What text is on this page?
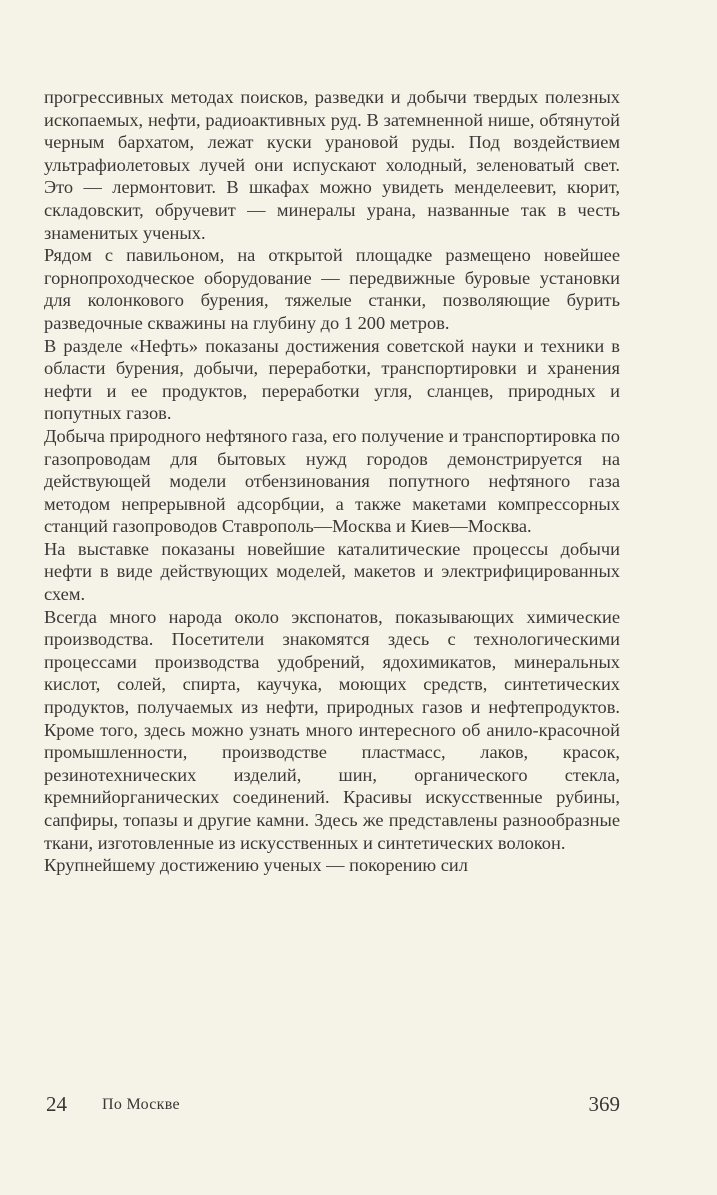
прогрессивных методах поисков, разведки и добычи твердых полезных ископаемых, нефти, радиоактивных руд. В затемненной нише, обтянутой черным бархатом, лежат куски урановой руды. Под воздействием ультрафиолетовых лучей они испускают холодный, зеленоватый свет. Это — лермонтовит. В шкафах можно увидеть менделеевит, кюрит, складовскит, обручевит — минералы урана, названные так в честь знаменитых ученых.

Рядом с павильоном, на открытой площадке размещено новейшее горнопроходческое оборудование — передвижные буровые установки для колонкового бурения, тяжелые станки, позволяющие бурить разведочные скважины на глубину до 1 200 метров.

В разделе «Нефть» показаны достижения советской науки и техники в области бурения, добычи, переработки, транспортировки и хранения нефти и ее продуктов, переработки угля, сланцев, природных и попутных газов.

Добыча природного нефтяного газа, его получение и транспортировка по газопроводам для бытовых нужд городов демонстрируется на действующей модели отбензинования попутного нефтяного газа методом непрерывной адсорбции, а также макетами компрессорных станций газопроводов Ставрополь—Москва и Киев—Москва.

На выставке показаны новейшие каталитические процессы добычи нефти в виде действующих моделей, макетов и электрифицированных схем.

Всегда много народа около экспонатов, показывающих химические производства. Посетители знакомятся здесь с технологическими процессами производства удобрений, ядохимикатов, минеральных кислот, солей, спирта, каучука, моющих средств, синтетических продуктов, получаемых из нефти, природных газов и нефтепродуктов. Кроме того, здесь можно узнать много интересного об анило-красочной промышленности, производстве пластмасс, лаков, красок, резинотехнических изделий, шин, органического стекла, кремнийорганических соединений. Красивы искусственные рубины, сапфиры, топазы и другие камни. Здесь же представлены разнообразные ткани, изготовленные из искусственных и синтетических волокон.

Крупнейшему достижению ученых — покорению сил

24 По Москве	369
